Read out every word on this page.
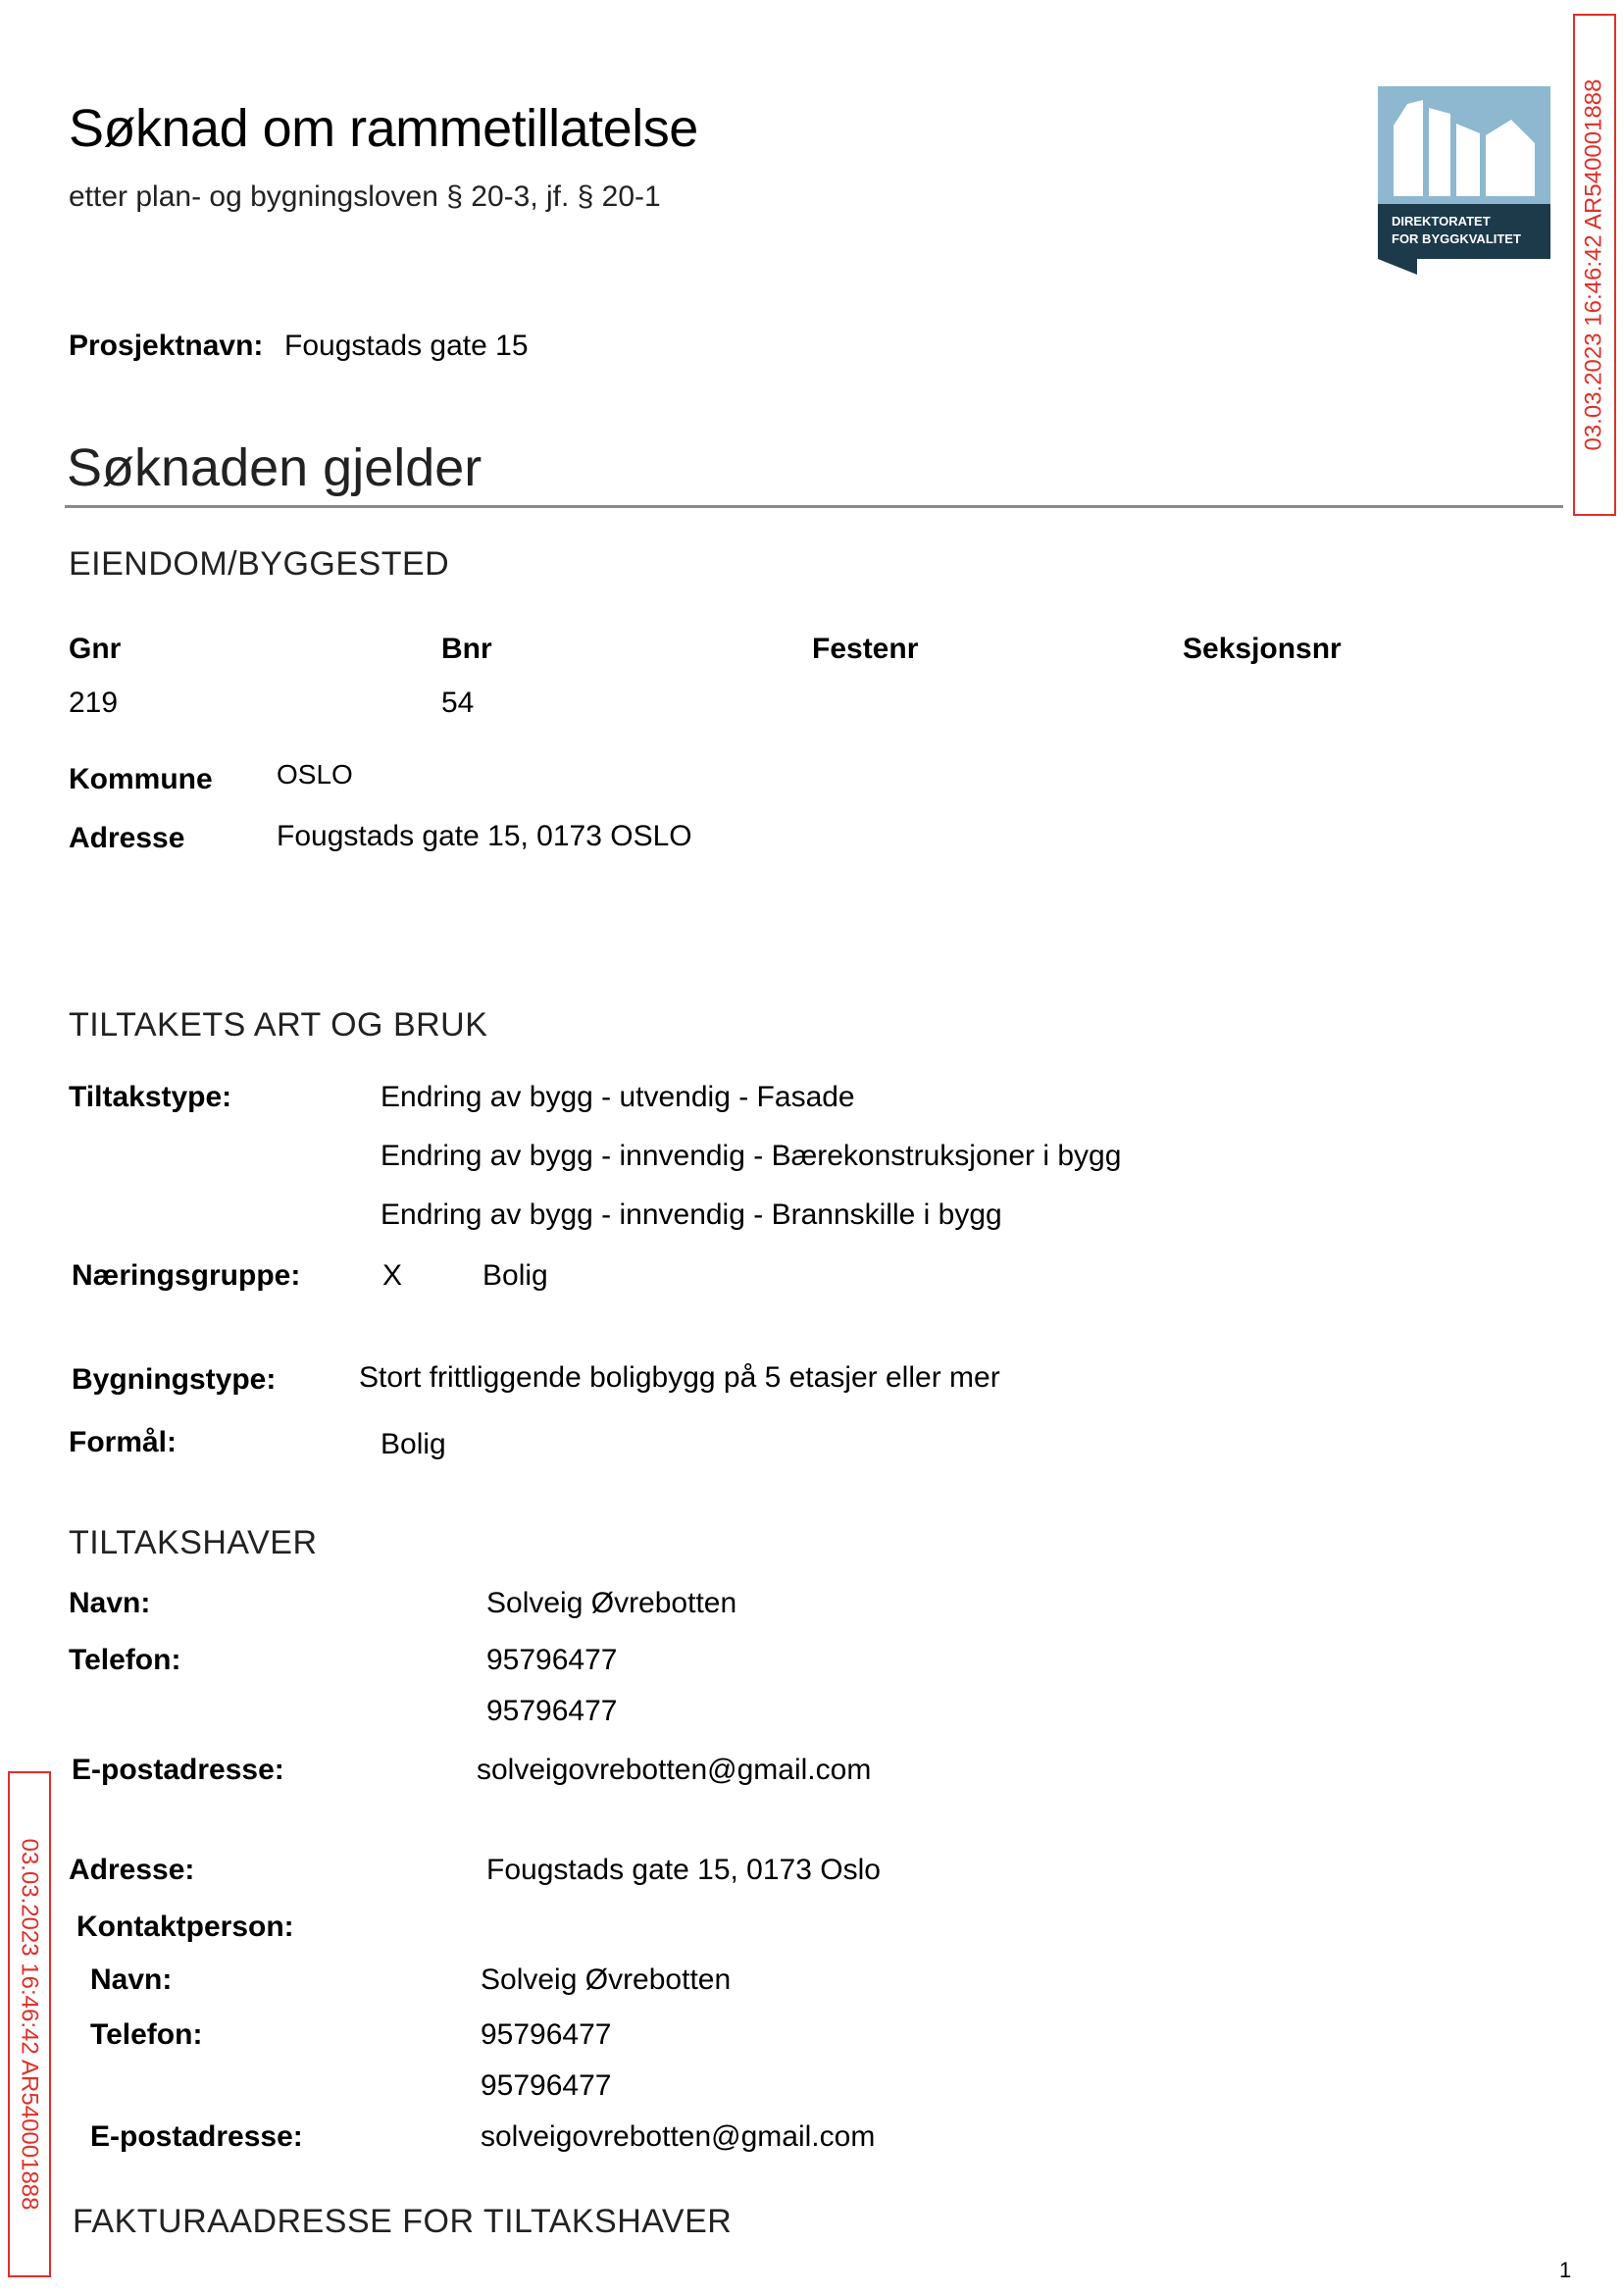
Søknad om rammetillatelse
etter plan- og bygningsloven § 20-3, jf. § 20-1
DIREKTORATET
FOR BYGGKVALITET	03.03.2023 16:46:42 AR540001888
03.03.2023 16:46:42 AR540001888
Prosjektnavn: Fougstads gate 15
Søknaden gjelder
EIENDOM/BYGGESTED
Gnr	Bnr	Festenr	Seksjonsnr
219	54
Kommune OSLO
Adresse	Fougstads gate 15, 0173 OSLO
TILTAKETS ART OG BRUK
Tiltakstype:	Endring av bygg - utvendig - Fasade
Endring av bygg - innvendig - Bærekonstruksjoner i bygg
Endring av bygg - innvendig - Brannskille i bygg
Næringsgruppe:	X	Bolig
Bygningstype:	Stort frittliggende boligbygg på 5 etasjer eller mer
Formål:	Bolig
TILTAKSHAVER
Navn:	Solveig Øvrebotten
Telefon:	95796477
95796477
E-postadresse:	solveigovrebotten@gmail.com
Adresse:	Fougstads gate 15, 0173 Oslo
Kontaktperson:
Navn:	Solveig Øvrebotten
Telefon:	95796477
95796477
E-postadresse:	solveigovrebotten@gmail.com
FAKTURAADRESSE FOR TILTAKSHAVER
1
